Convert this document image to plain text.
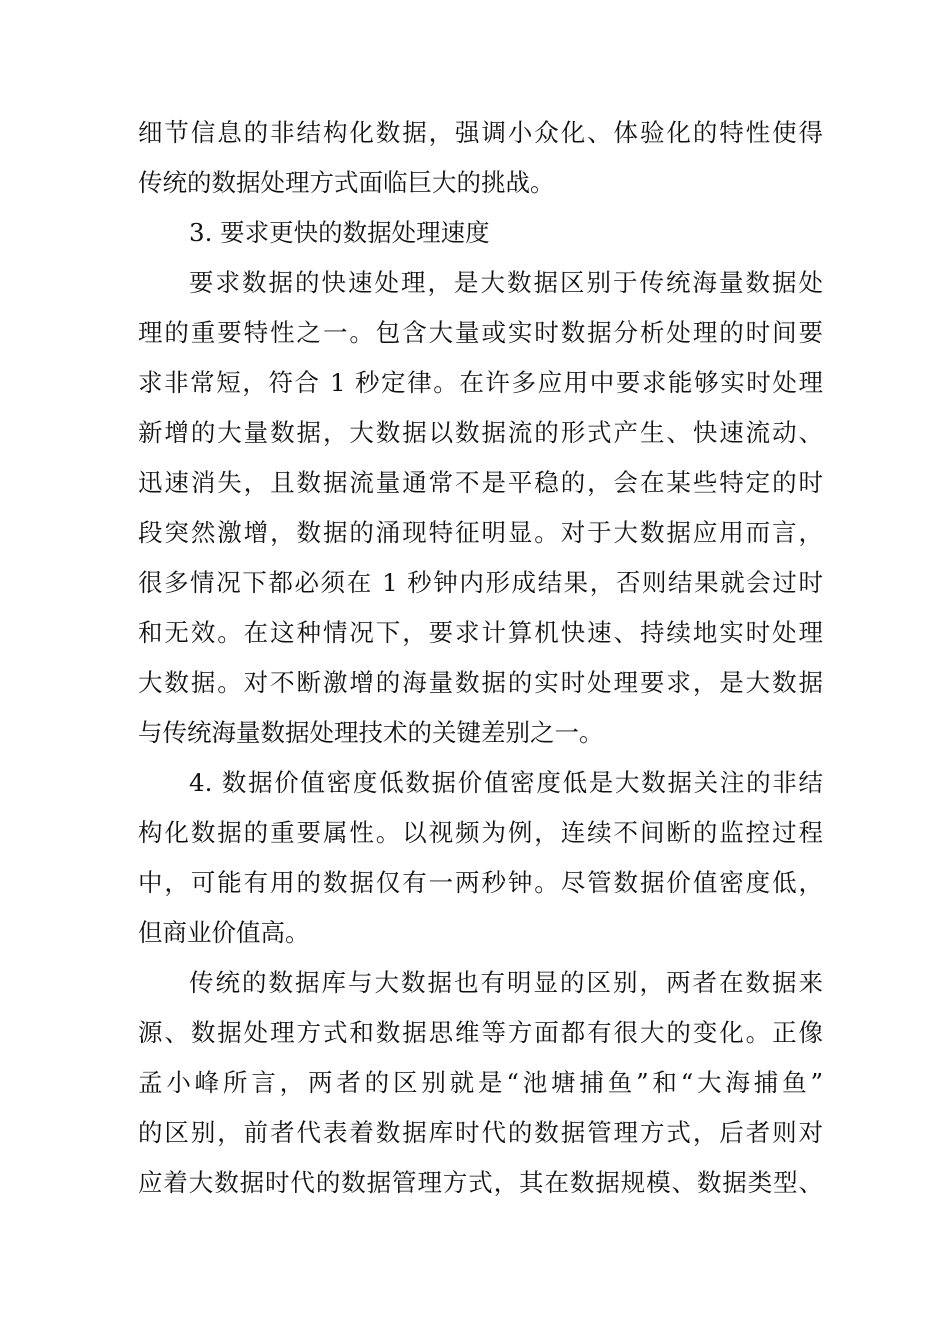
细节信息的非结构化数据，强调小众化、体验化的特性使得
传统的数据处理方式面临巨大的挑战。
3. 要求更快的数据处理速度
要求数据的快速处理，是大数据区别于传统海量数据处
理的重要特性之一。包含大量或实时数据分析处理的时间要
求非常短，符合 1 秒定律。在许多应用中要求能够实时处理
新增的大量数据，大数据以数据流的形式产生、快速流动、
迅速消失，且数据流量通常不是平稳的，会在某些特定的时
段突然激增，数据的涌现特征明显。对于大数据应用而言，
很多情况下都必须在 1 秒钟内形成结果，否则结果就会过时
和无效。在这种情况下，要求计算机快速、持续地实时处理
大数据。对不断激增的海量数据的实时处理要求，是大数据
与传统海量数据处理技术的关键差别之一。
4. 数据价值密度低数据价值密度低是大数据关注的非结
构化数据的重要属性。以视频为例，连续不间断的监控过程
中，可能有用的数据仅有一两秒钟。尽管数据价值密度低，
但商业价值高。
传统的数据库与大数据也有明显的区别，两者在数据来
源、数据处理方式和数据思维等方面都有很大的变化。正像
孟小峰所言，两者的区别就是“池塘捕鱼”和“大海捕鱼”
的区别，前者代表着数据库时代的数据管理方式，后者则对
应着大数据时代的数据管理方式，其在数据规模、数据类型、
